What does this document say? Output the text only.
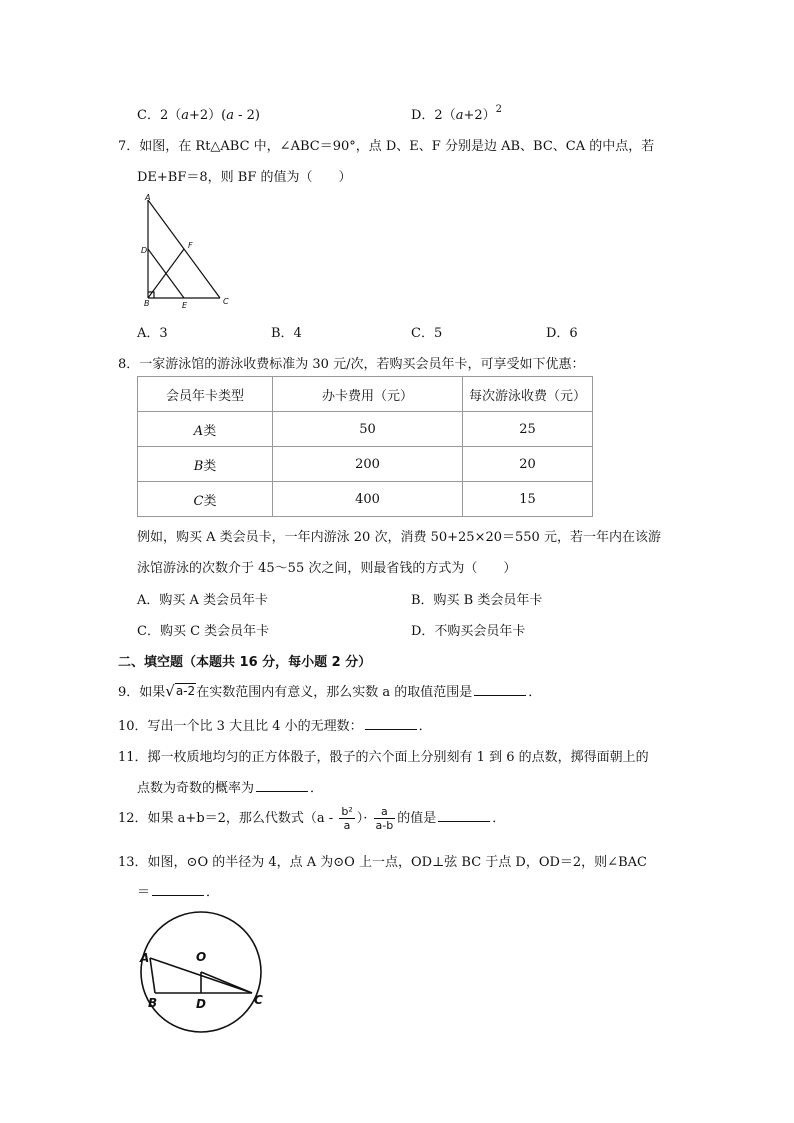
C．2（a+2）(a - 2)	D．$2(a+2)^2$
7．如图，在 Rt△ABC 中，∠ABC＝90°，点 D、E、F 分别是边 AB、BC、CA 的中点，若
DE+BF＝8，则 BF 的值为（　　）
A
D
F
B	E	C
A．3	B．4	C．5	D．6
8．一家游泳馆的游泳收费标准为 30 元/次，若购买会员年卡，可享受如下优惠：
会员年卡类型	办卡费用（元）	每次游泳收费（元）
A类	50	25
B类	200	20
C类	400	15
例如，购买 A 类会员卡，一年内游泳 20 次，消费 50+25×20＝550 元，若一年内在该游
泳馆游泳的次数介于 45～55 次之间，则最省钱的方式为（　　）
A．购买 A 类会员年卡	B．购买 B 类会员年卡
C．购买 C 类会员年卡	D．不购买会员年卡
二、填空题（本题共 16 分，每小题 2 分）
9．如果 √ a-2 在实数范围内有意义，那么实数 a 的取值范围是	．
10．写出一个比 3 大且比 4 小的无理数：	．
11．掷一枚质地均匀的正方体骰子，骰子的六个面上分别刻有 1 到 6 的点数，掷得面朝上的
点数为奇数的概率为	．
12．如果 a+b＝2，那么代数式（$a - \frac{\text{b²}}{a}$ ）· $\frac{a}{a-b}$ 的值是	．
13．如图，⊙O 的半径为 4，点 A 为⊙O 上一点，OD⊥弦 BC 于点 D，OD＝2，则∠BAC
＝	．
A	O
B	D	C
